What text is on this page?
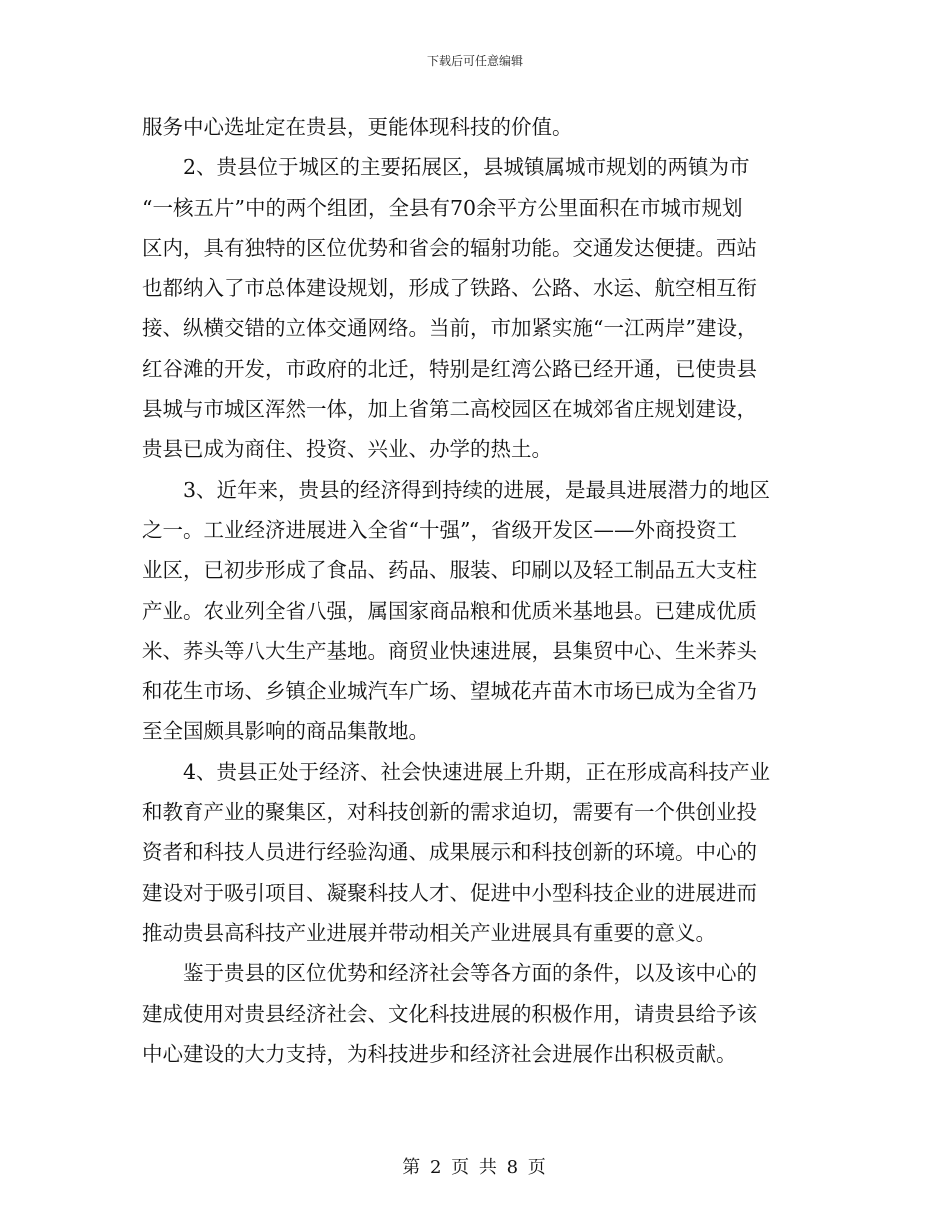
下载后可任意编辑
服务中心选址定在贵县，更能体现科技的价值。
2、贵县位于城区的主要拓展区，县城镇属城市规划的两镇为市
“一核五片”中的两个组团，全县有70余平方公里面积在市城市规划
区内，具有独特的区位优势和省会的辐射功能。交通发达便捷。西站
也都纳入了市总体建设规划，形成了铁路、公路、水运、航空相互衔
接、纵横交错的立体交通网络。当前，市加紧实施“一江两岸”建设，
红谷滩的开发，市政府的北迁，特别是红湾公路已经开通，已使贵县
县城与市城区浑然一体，加上省第二高校园区在城郊省庄规划建设，
贵县已成为商住、投资、兴业、办学的热土。
3、近年来，贵县的经济得到持续的进展，是最具进展潜力的地区
之一。工业经济进展进入全省“十强”，省级开发区——外商投资工
业区，已初步形成了食品、药品、服装、印刷以及轻工制品五大支柱
产业。农业列全省八强，属国家商品粮和优质米基地县。已建成优质
米、荞头等八大生产基地。商贸业快速进展，县集贸中心、生米荞头
和花生市场、乡镇企业城汽车广场、望城花卉苗木市场已成为全省乃
至全国颇具影响的商品集散地。
4、贵县正处于经济、社会快速进展上升期，正在形成高科技产业
和教育产业的聚集区，对科技创新的需求迫切，需要有一个供创业投
资者和科技人员进行经验沟通、成果展示和科技创新的环境。中心的
建设对于吸引项目、凝聚科技人才、促进中小型科技企业的进展进而
推动贵县高科技产业进展并带动相关产业进展具有重要的意义。
鉴于贵县的区位优势和经济社会等各方面的条件，以及该中心的
建成使用对贵县经济社会、文化科技进展的积极作用，请贵县给予该
中心建设的大力支持，为科技进步和经济社会进展作出积极贡献。
第 2 页 共 8 页
